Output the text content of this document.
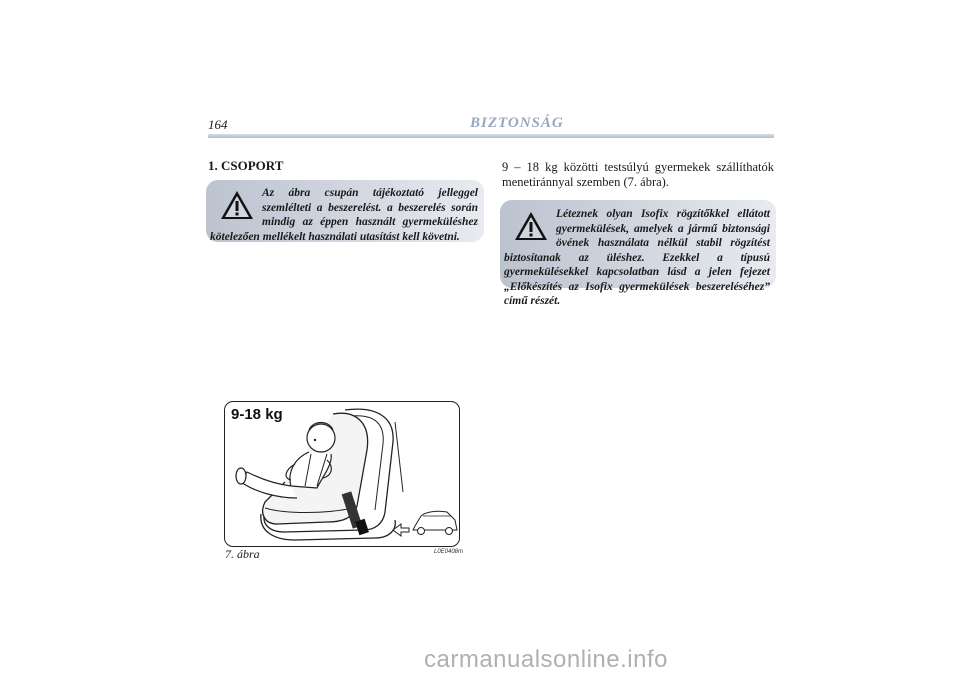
164	BIZTONSÁG
1. CSOPORT
Az ábra csupán tájékoztató jelleggel szemlélteti a beszerelést. a beszerelés során mindig az éppen használt gyermeküléshez kötelezően mellékelt használati utasítást kell követni.
9 – 18 kg közötti testsúlyú gyermekek szállíthatók menetiránnyal szemben (7. ábra).
Léteznek olyan Isofix rögzítőkkel ellátott gyermekülések, amelyek a jármű biztonsági övének használata nélkül stabil rögzítést biztosítanak az üléshez. Ezekkel a típusú gyermekülésekkel kapcsolatban lásd a jelen fejezet „Előkészítés az Isofix gyermekülések beszereléséhez” című részét.
9-18 kg
L0E0408m
7. ábra
carmanualsonline.info
